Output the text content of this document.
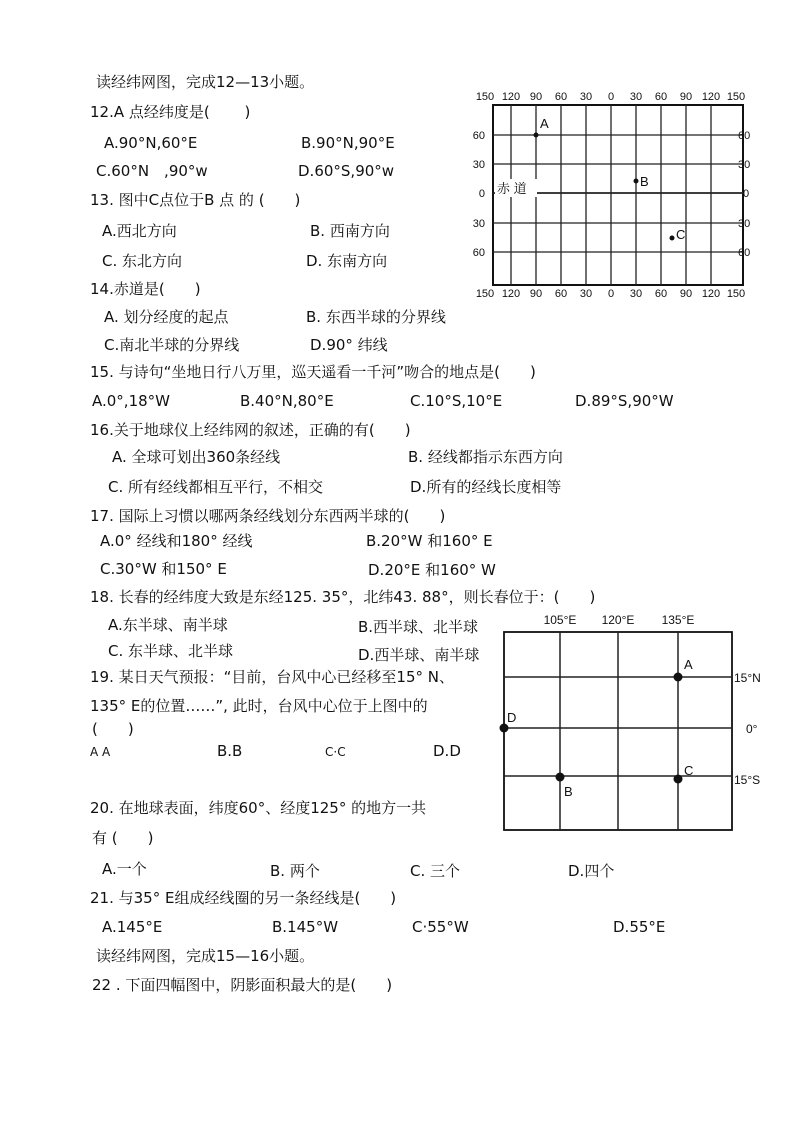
读经纬网图，完成12—13小题。
12.A 点经纬度是(　　 )
A.90°N,60°E	B.90°N,90°E
C.60°N　,90°w	D.60°S,90°w
13. 图中C点位于B 点 的 (　　)
A.西北方向	B. 西南方向
C. 东北方向	D. 东南方向
14.赤道是(　　)
A. 划分经度的起点	B. 东西半球的分界线
C.南北半球的分界线	D.90° 纬线
15. 与诗句“坐地日行八万里，巡天遥看一千河”吻合的地点是(　　)
A.0°,18°W	B.40°N,80°E	C.10°S,10°E	D.89°S,90°W
16.关于地球仪上经纬网的叙述，正确的有(　　)
A. 全球可划出360条经线	B. 经线都指示东西方向
C. 所有经线都相互平行，不相交	D.所有的经线长度相等
17. 国际上习惯以哪两条经线划分东西两半球的(　　)
A.0° 经线和180° 经线	B.20°W 和160° E
C.30°W 和150° E	D.20°E 和160° W
18. 长春的经纬度大致是东经125. 35°，北纬43. 88°，则长春位于：(　　)
A.东半球、南半球	B.西半球、北半球
C. 东半球、北半球	D.西半球、南半球
19. 某日天气预报：“目前，台风中心已经移至15° N、
135° E的位置……”, 此时，台风中心位于上图中的
(　　)
A A	B.B	C·C	D.D
20. 在地球表面，纬度60°、经度125° 的地方一共
有 (　　)
A.一个	B. 两个	C. 三个	D.四个
21. 与35° E组成经线圈的另一条经线是(　　)
A.145°E	B.145°W	C·55°W	D.55°E
读经纬网图，完成15—16小题。
22 . 下面四幅图中，阴影面积最大的是(　　)
150 120 90 60 30 0 30 60 90 120 150
150 120 90 60 30 0 30 60 90 120 150
60
30
0
30
60
60
30
0
30
60
赤 道
A
B
C
105°E 120°E 135°E
15°N
0°
15°S
A
C
B
D
